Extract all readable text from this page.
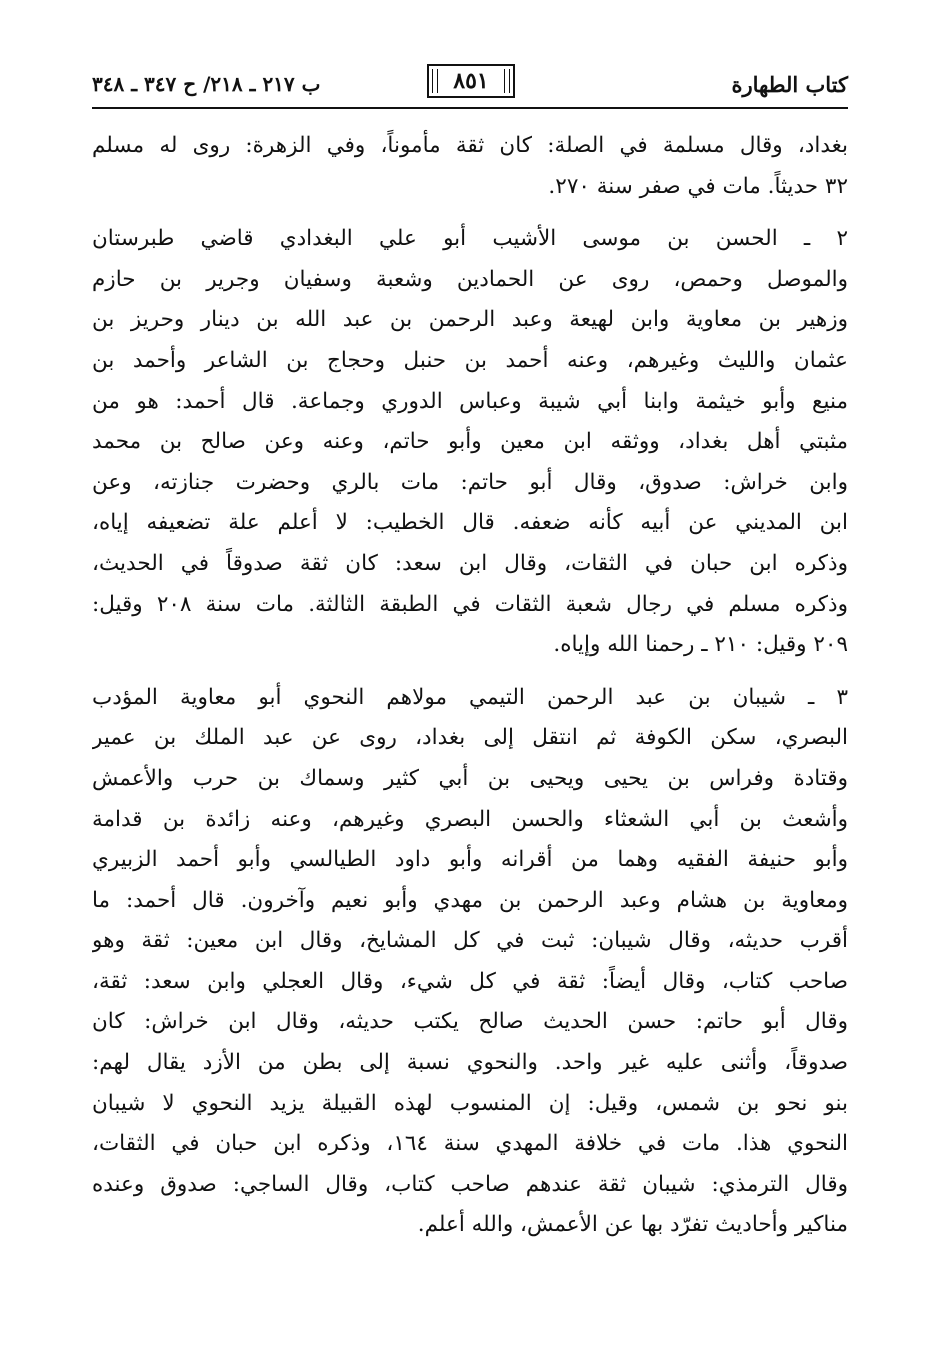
كتاب الطهارة
٨٥١
ب ٢١٧ ـ ٢١٨/ ح ٣٤٧ ـ ٣٤٨
بغداد، وقال مسلمة في الصلة: كان ثقة مأموناً، وفي الزهرة: روى له مسلم
٣٢ حديثاً. مات في صفر سنة ٢٧٠.
٢ ـ الحسن بن موسى الأشيب أبو علي البغدادي قاضي طبرستان
والموصل وحمص، روى عن الحمادين وشعبة وسفيان وجرير بن حازم
وزهير بن معاوية وابن لهيعة وعبد الرحمن بن عبد الله بن دينار وحريز بن
عثمان والليث وغيرهم، وعنه أحمد بن حنبل وحجاج بن الشاعر وأحمد بن
منيع وأبو خيثمة وابنا أبي شيبة وعباس الدوري وجماعة. قال أحمد: هو من
مثبتي أهل بغداد، ووثقه ابن معين وأبو حاتم، وعنه وعن صالح بن محمد
وابن خراش: صدوق، وقال أبو حاتم: مات بالري وحضرت جنازته، وعن
ابن المديني عن أبيه كأنه ضعفه. قال الخطيب: لا أعلم علة تضعيفه إياه،
وذكره ابن حبان في الثقات، وقال ابن سعد: كان ثقة صدوقاً في الحديث،
وذكره مسلم في رجال شعبة الثقات في الطبقة الثالثة. مات سنة ٢٠٨ وقيل:
٢٠٩ وقيل: ٢١٠ ـ رحمنا الله وإياه.
٣ ـ شيبان بن عبد الرحمن التيمي مولاهم النحوي أبو معاوية المؤدب
البصري، سكن الكوفة ثم انتقل إلى بغداد، روى عن عبد الملك بن عمير
وقتادة وفراس بن يحيى ويحيى بن أبي كثير وسماك بن حرب والأعمش
وأشعث بن أبي الشعثاء والحسن البصري وغيرهم، وعنه زائدة بن قدامة
وأبو حنيفة الفقيه وهما من أقرانه وأبو داود الطيالسي وأبو أحمد الزبيري
ومعاوية بن هشام وعبد الرحمن بن مهدي وأبو نعيم وآخرون. قال أحمد: ما
أقرب حديثه، وقال شيبان: ثبت في كل المشايخ، وقال ابن معين: ثقة وهو
صاحب كتاب، وقال أيضاً: ثقة في كل شيء، وقال العجلي وابن سعد: ثقة،
وقال أبو حاتم: حسن الحديث صالح يكتب حديثه، وقال ابن خراش: كان
صدوقاً، وأثنى عليه غير واحد. والنحوي نسبة إلى بطن من الأزد يقال لهم:
بنو نحو بن شمس، وقيل: إن المنسوب لهذه القبيلة يزيد النحوي لا شيبان
النحوي هذا. مات في خلافة المهدي سنة ١٦٤، وذكره ابن حبان في الثقات،
وقال الترمذي: شيبان ثقة عندهم صاحب كتاب، وقال الساجي: صدوق وعنده
مناكير وأحاديث تفرّد بها عن الأعمش، والله أعلم.
